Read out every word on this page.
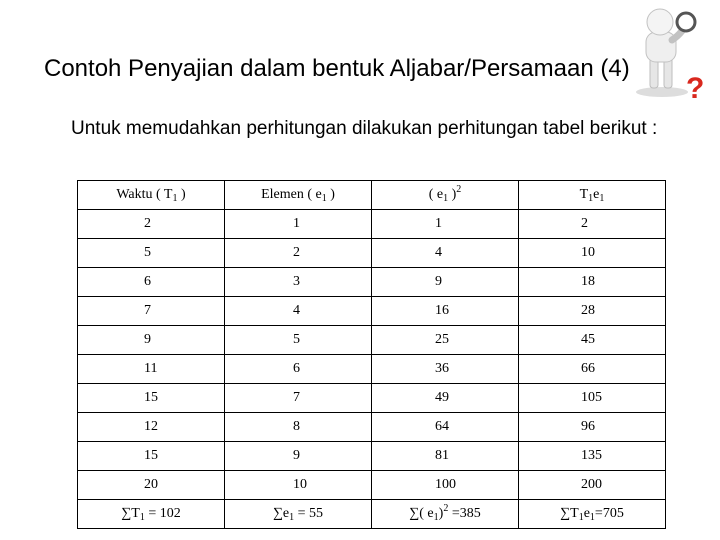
Contoh Penyajian dalam bentuk Aljabar/Persamaan (4)
?
Untuk memudahkan perhitungan dilakukan perhitungan tabel berikut :
Waktu ( $T_1$ )	Elemen ( $e_1$ )	( $e_1$ )$^2$	$T_1e_1$
2	1	1	2
5	2	4	10
6	3	9	18
7	4	16	28
9	5	25	45
11	6	36	66
15	7	49	105
12	8	64	96
15	9	81	135
20	10	100	200
$\sum T_1 = 102$	$\sum e_1 = 55$	∑( $e_1)^2 =385$	$\sum T_1e_1=705$
